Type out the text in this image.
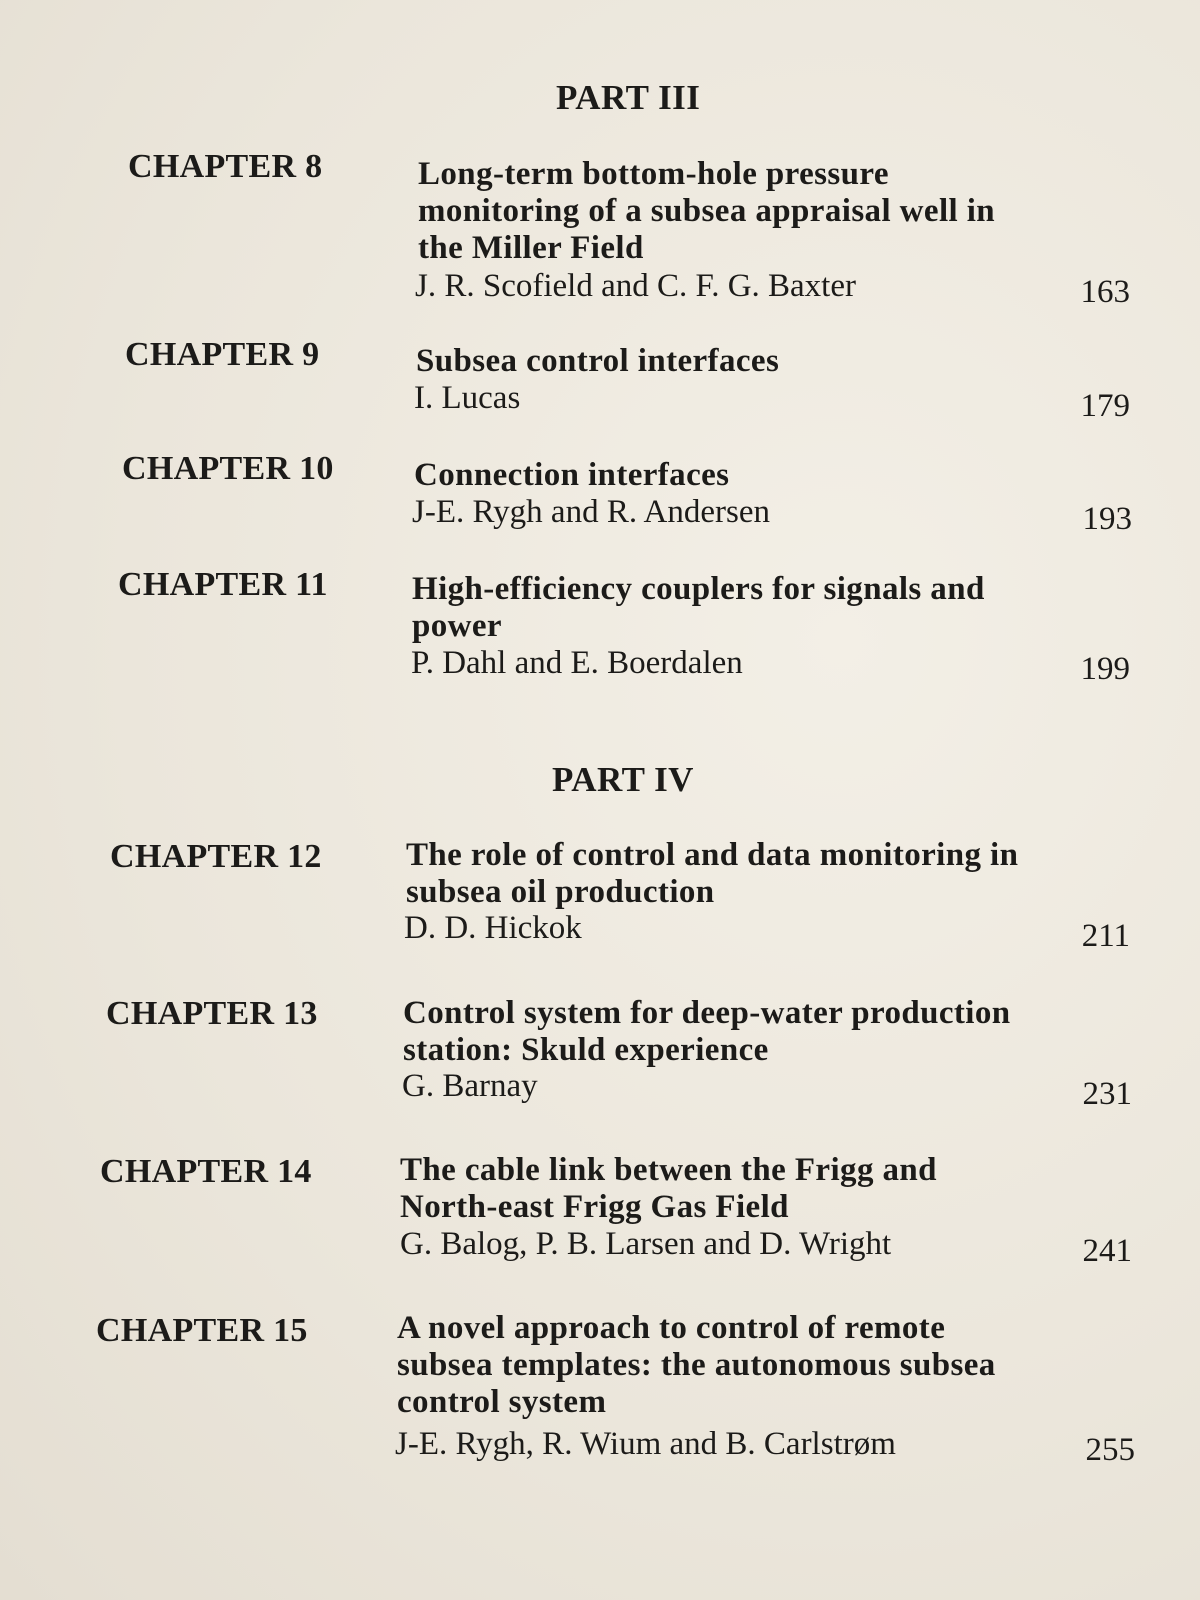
PART III
CHAPTER 8	Long-term bottom-hole pressure
monitoring of a subsea appraisal well in
the Miller Field
J. R. Scofield and C. F. G. Baxter	163
CHAPTER 9	Subsea control interfaces
I. Lucas	179
CHAPTER 10 Connection interfaces
J-E. Rygh and R. Andersen	193
CHAPTER 11	High-efficiency couplers for signals and
power
P. Dahl and E. Boerdalen	199
PART IV
CHAPTER 12	The role of control and data monitoring in
subsea oil production
D. D. Hickok	211
CHAPTER 13	Control system for deep-water production
station: Skuld experience
G. Barnay	231
CHAPTER 14	The cable link between the Frigg and
North-east Frigg Gas Field
G. Balog, P. B. Larsen and D. Wright	241
CHAPTER 15	A novel approach to control of remote
subsea templates: the autonomous subsea
control system
J-E. Rygh, R. Wium and B. Carlstrøm	255
